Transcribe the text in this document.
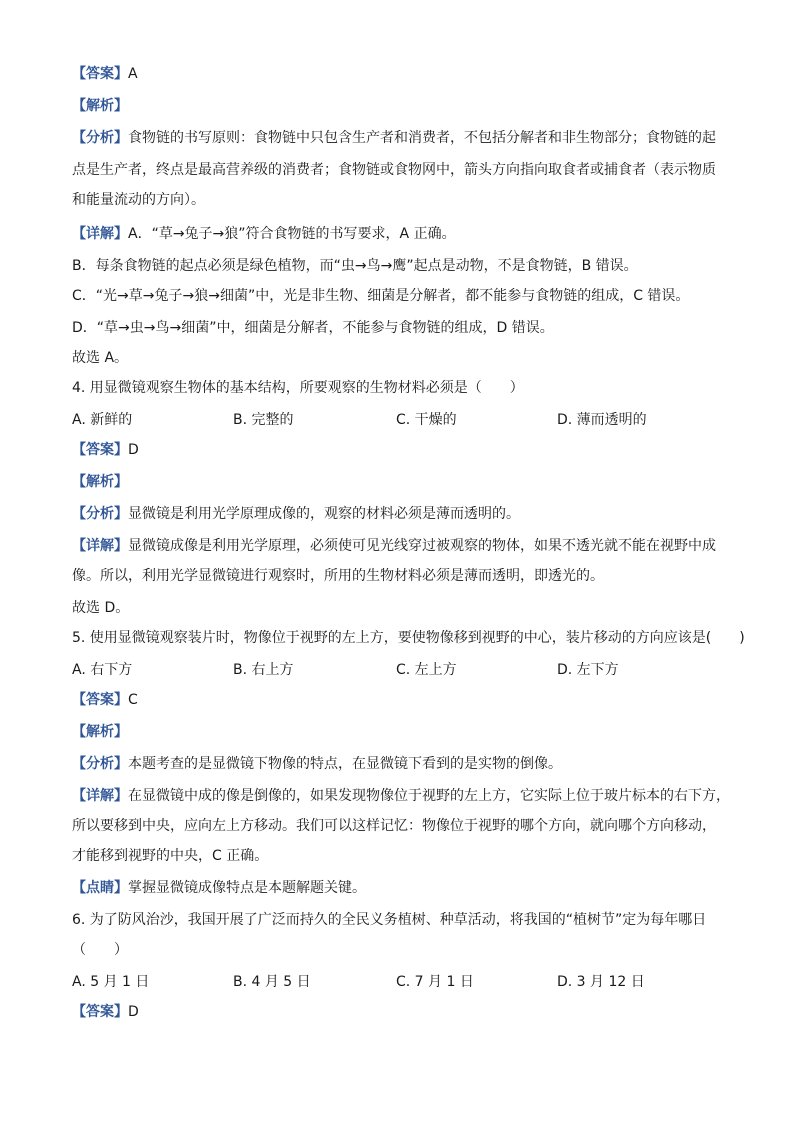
【答案】A
【解析】
【分析】食物链的书写原则：食物链中只包含生产者和消费者，不包括分解者和非生物部分；食物链的起
点是生产者，终点是最高营养级的消费者；食物链或食物网中，箭头方向指向取食者或捕食者（表示物质
和能量流动的方向）。
【详解】A．“草→兔子→狼”符合食物链的书写要求，A 正确。
B．每条食物链的起点必须是绿色植物，而“虫→鸟→鹰”起点是动物，不是食物链，B 错误。
C．“光→草→兔子→狼→细菌”中，光是非生物、细菌是分解者，都不能参与食物链的组成，C 错误。
D．“草→虫→鸟→细菌”中，细菌是分解者，不能参与食物链的组成，D 错误。
故选 A。
4. 用显微镜观察生物体的基本结构，所要观察的生物材料必须是（　　）
A. 新鲜的	B. 完整的	C. 干燥的	D. 薄而透明的
【答案】D
【解析】
【分析】显微镜是利用光学原理成像的，观察的材料必须是薄而透明的。
【详解】显微镜成像是利用光学原理，必须使可见光线穿过被观察的物体，如果不透光就不能在视野中成
像。所以，利用光学显微镜进行观察时，所用的生物材料必须是薄而透明，即透光的。
故选 D。
5. 使用显微镜观察装片时，物像位于视野的左上方，要使物像移到视野的中心，装片移动的方向应该是(　　)
A. 右下方	B. 右上方	C. 左上方	D. 左下方
【答案】C
【解析】
【分析】本题考查的是显微镜下物像的特点，在显微镜下看到的是实物的倒像。
【详解】在显微镜中成的像是倒像的，如果发现物像位于视野的左上方，它实际上位于玻片标本的右下方，
所以要移到中央，应向左上方移动。我们可以这样记忆：物像位于视野的哪个方向，就向哪个方向移动，
才能移到视野的中央，C 正确。
【点睛】掌握显微镜成像特点是本题解题关键。
6. 为了防风治沙，我国开展了广泛而持久的全民义务植树、种草活动，将我国的“植树节”定为每年哪日
（　　）
A. 5 月 1 日	B. 4 月 5 日	C. 7 月 1 日	D. 3 月 12 日
【答案】D
